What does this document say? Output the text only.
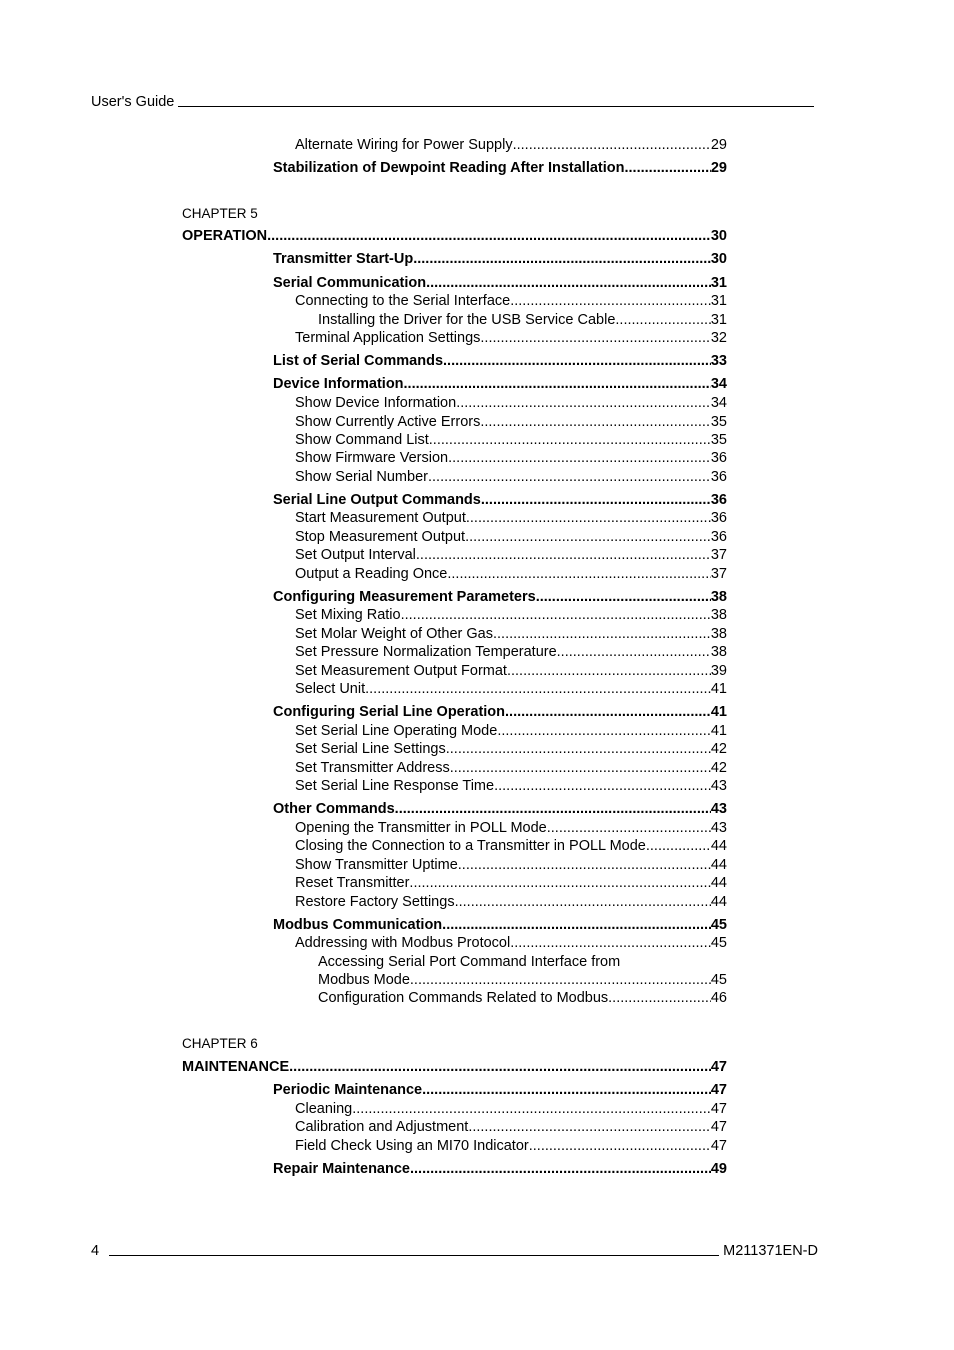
User's Guide
Alternate Wiring for Power Supply .....	29
Stabilization of Dewpoint Reading After Installation .....	29
CHAPTER 5
OPERATION .....	30
Transmitter Start-Up .....	30
Serial Communication .....	31
Connecting to the Serial Interface .....	31
Installing the Driver for the USB Service Cable .....	31
Terminal Application Settings .....	32
List of Serial Commands .....	33
Device Information .....	34
Show Device Information .....	34
Show Currently Active Errors .....	35
Show Command List .....	35
Show Firmware Version .....	36
Show Serial Number .....	36
Serial Line Output Commands .....	36
Start Measurement Output .....	36
Stop Measurement Output .....	36
Set Output Interval .....	37
Output a Reading Once .....	37
Configuring Measurement Parameters .....	38
Set Mixing Ratio .....	38
Set Molar Weight of Other Gas .....	38
Set Pressure Normalization Temperature .....	38
Set Measurement Output Format .....	39
Select Unit .....	41
Configuring Serial Line Operation .....	41
Set Serial Line Operating Mode .....	41
Set Serial Line Settings .....	42
Set Transmitter Address .....	42
Set Serial Line Response Time .....	43
Other Commands .....	43
Opening the Transmitter in POLL Mode .....	43
Closing the Connection to a Transmitter in POLL Mode .....	44
Show Transmitter Uptime .....	44
Reset Transmitter .....	44
Restore Factory Settings .....	44
Modbus Communication .....	45
Addressing with Modbus Protocol .....	45
Accessing Serial Port Command Interface from
Modbus Mode .....	45
Configuration Commands Related to Modbus .....	46
CHAPTER 6
MAINTENANCE .....	47
Periodic Maintenance .....	47
Cleaning .....	47
Calibration and Adjustment .....	47
Field Check Using an MI70 Indicator .....	47
Repair Maintenance .....	49
4	M211371EN-D
